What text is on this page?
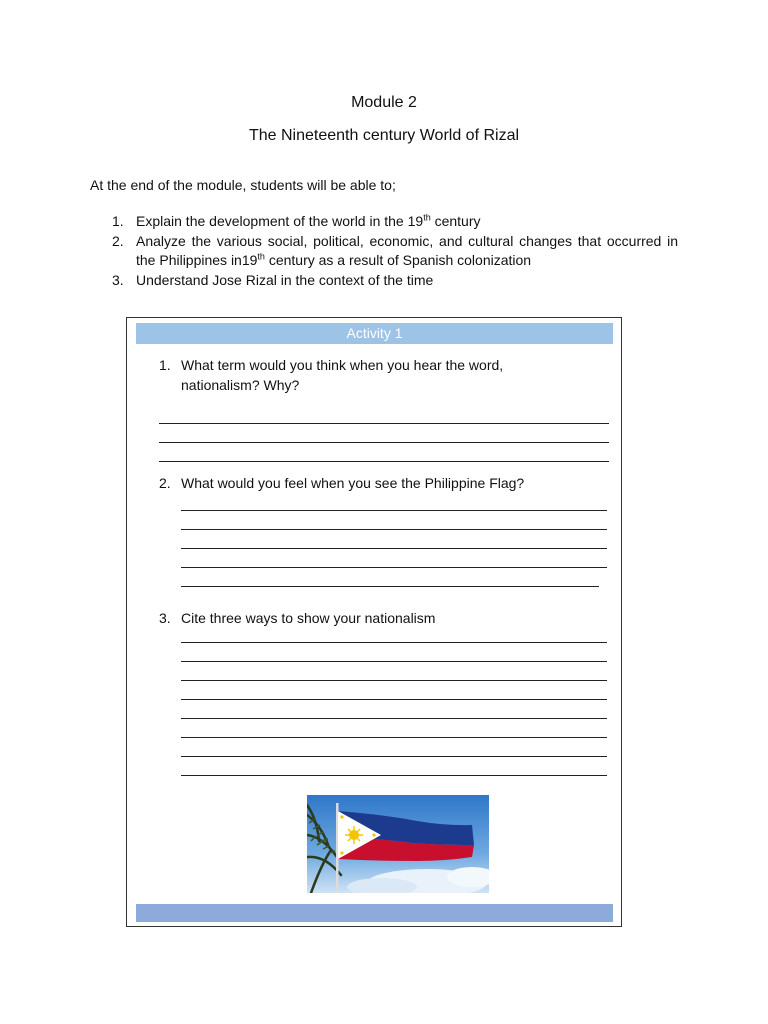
Module 2
The Nineteenth century World of Rizal
At the end of the module, students will be able to;
1. Explain the development of the world in the 19th century
2. Analyze the various social, political, economic, and cultural changes that occurred in the Philippines in19th century as a result of Spanish colonization
3. Understand Jose Rizal in the context of the time
Activity 1
1. What term would you think when you hear the word,
nationalism? Why?
2. What would you feel when you see the Philippine Flag?
3. Cite three ways to show your nationalism
